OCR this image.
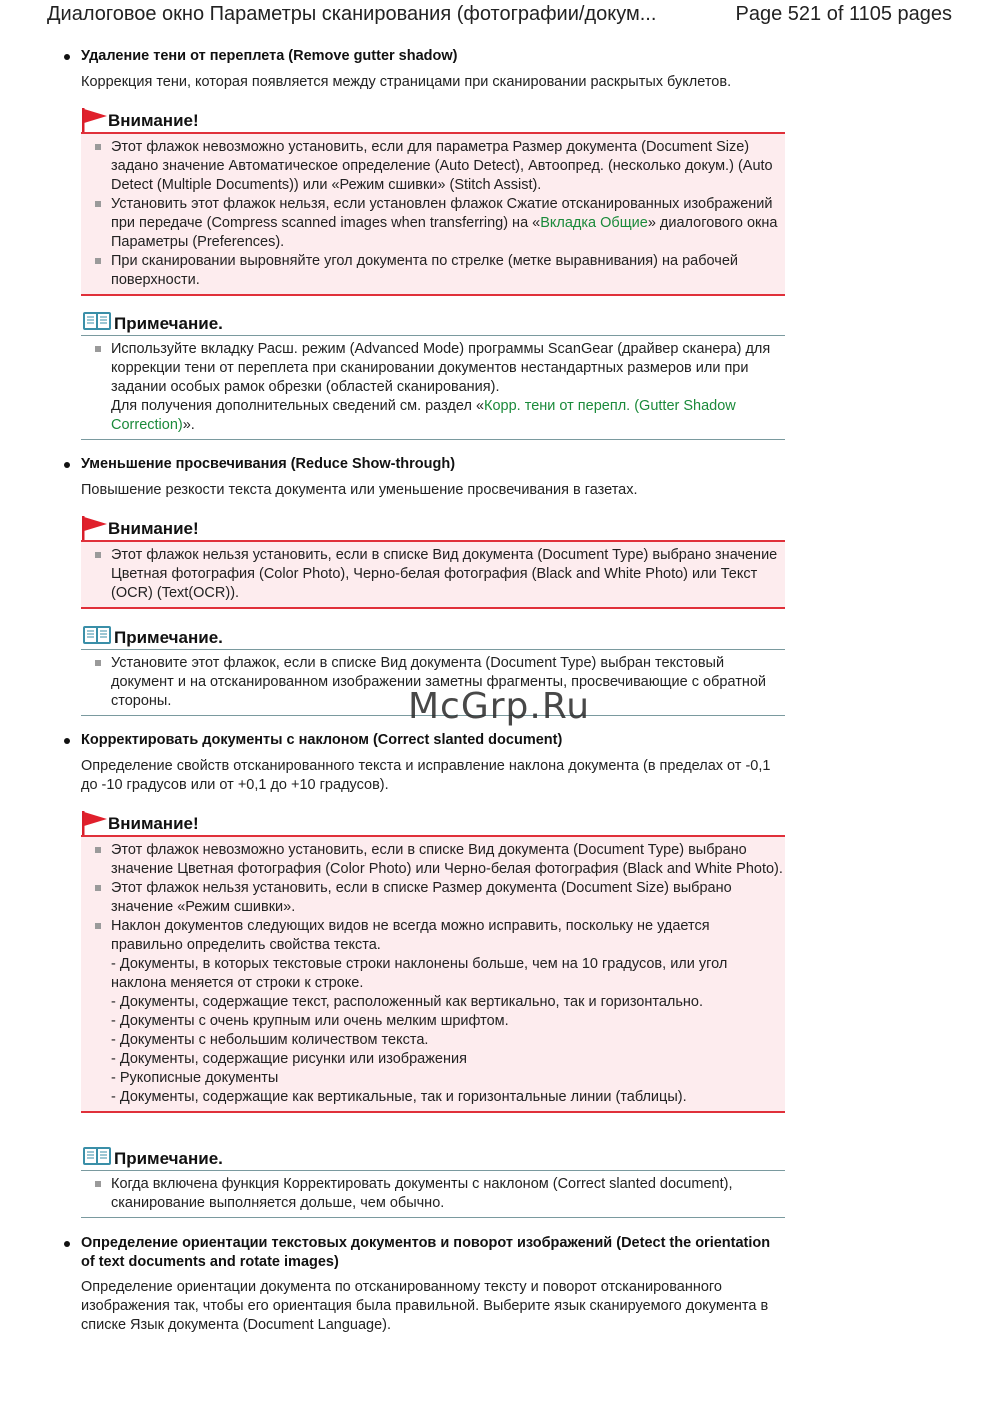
Диалоговое окно Параметры сканирования (фотографии/докум...	Page 521 of 1105 pages
Удаление тени от переплета (Remove gutter shadow)
Коррекция тени, которая появляется между страницами при сканировании раскрытых буклетов.
Внимание!
Этот флажок невозможно установить, если для параметра Размер документа (Document Size) задано значение Автоматическое определение (Auto Detect), Автоопред. (несколько докум.) (Auto Detect (Multiple Documents)) или «Режим сшивки» (Stitch Assist).
Установить этот флажок нельзя, если установлен флажок Сжатие отсканированных изображений при передаче (Compress scanned images when transferring) на «Вкладка Общие» диалогового окна Параметры (Preferences).
При сканировании выровняйте угол документа по стрелке (метке выравнивания) на рабочей поверхности.
Примечание.
Используйте вкладку Расш. режим (Advanced Mode) программы ScanGear (драйвер сканера) для коррекции тени от переплета при сканировании документов нестандартных размеров или при задании особых рамок обрезки (областей сканирования).
Для получения дополнительных сведений см. раздел «Корр. тени от перепл. (Gutter Shadow Correction)».
Уменьшение просвечивания (Reduce Show-through)
Повышение резкости текста документа или уменьшение просвечивания в газетах.
Внимание!
Этот флажок нельзя установить, если в списке Вид документа (Document Type) выбрано значение Цветная фотография (Color Photo), Черно-белая фотография (Black and White Photo) или Текст (OCR) (Text(OCR)).
Примечание.
Установите этот флажок, если в списке Вид документа (Document Type) выбран текстовый документ и на отсканированном изображении заметны фрагменты, просвечивающие с обратной стороны.	McGrp.Ru
Корректировать документы с наклоном (Correct slanted document)
Определение свойств отсканированного текста и исправление наклона документа (в пределах от -0,1 до -10 градусов или от +0,1 до +10 градусов).
Внимание!
Этот флажок невозможно установить, если в списке Вид документа (Document Type) выбрано значение Цветная фотография (Color Photo) или Черно-белая фотография (Black and White Photo).
Этот флажок нельзя установить, если в списке Размер документа (Document Size) выбрано значение «Режим сшивки».
Наклон документов следующих видов не всегда можно исправить, поскольку не удается правильно определить свойства текста.
- Документы, в которых текстовые строки наклонены больше, чем на 10 градусов, или угол наклона меняется от строки к строке.
- Документы, содержащие текст, расположенный как вертикально, так и горизонтально.
- Документы с очень крупным или очень мелким шрифтом.
- Документы с небольшим количеством текста.
- Документы, содержащие рисунки или изображения
- Рукописные документы
- Документы, содержащие как вертикальные, так и горизонтальные линии (таблицы).
Примечание.
Когда включена функция Корректировать документы с наклоном (Correct slanted document), сканирование выполняется дольше, чем обычно.
Определение ориентации текстовых документов и поворот изображений (Detect the orientation of text documents and rotate images)
Определение ориентации документа по отсканированному тексту и поворот отсканированного изображения так, чтобы его ориентация была правильной. Выберите язык сканируемого документа в списке Язык документа (Document Language).
